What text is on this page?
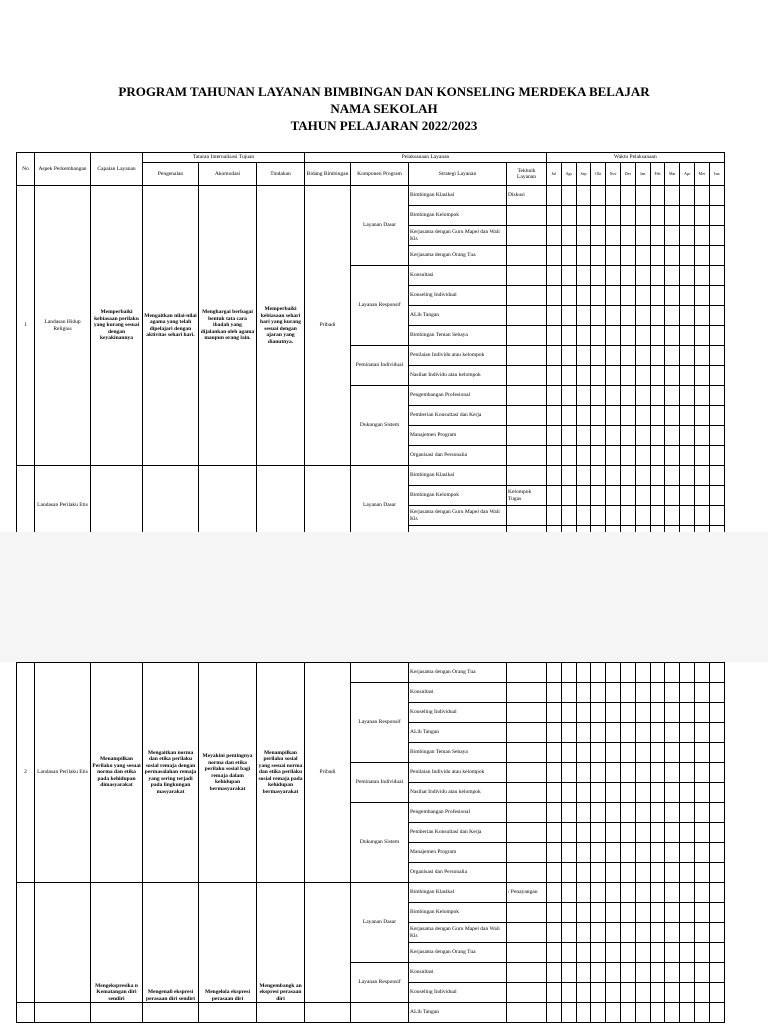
PROGRAM TAHUNAN LAYANAN BIMBINGAN DAN KONSELING MERDEKA BELAJAR
NAMA SEKOLAH
TAHUN PELAJARAN 2022/2023
No	Aspek Perkembangan	Capaian Layanan	Tataran Internalisasi Tujuan			Pelaksanaan Layanan				Waktu Pelaksanaan											
			Pengenalan	Akomodasi	Tindakan	Bidang Bimbingan	Komponen Program	Strategi Layanan	Tekhnik Layanan	Jul	Ags	Sep	Okt	Nov	Des	Jan	Feb	Mar	Apr	Mei	Jun
1	Landasan Hidup Religius	Memperbaiki kebiasaan perilaku yang kurang sesuai dengan keyakinannya	Mengaitkan nilai-nilai agama yang telah dipelajari dengan aktivitas sehari hari.	Menghargai berbagai bentuk tata cara ibadah yang dijalankan oleh agama maupun orang lain.	Memperbaiki kebiasaan sehari hari yang kurang sesuai dengan ajaran yang dianutnya.	Pribadi	Layanan Dasar	Bimbingan Klasikal	Diskusi												
								Bimbingan Kelompok													
								Kerjasama dengan Guru Mapel dan Wali Kls													
								Kerjasama dengan Orang Tua													
							Layanan Responsif	Konsultasi													
								Konseling Individual													
								ALih Tangan													
								Bimbingan Teman Sebaya													
							Peminatan Individual	Penilaian Individu atau kelompok													
								Nasihat Individu atau kelompok													
							Dukungan Sistem	Pengembangan Profesional													
								Pemberian Konsultasi dan Kerja													
								Manajemen Program													
								Organisasi dan Personalia													
	Landasan Perilaku Etis						Layanan Dasar	Bimbingan Klasikal													
								Bimbingan Kelompok	Kelompok Tugas												
								Kerjasama dengan Guru Mapel dan Wali Kls													

2	Landasan Perilaku Etis	Menampilkan Perilaku yang sesuai norma dan etika pada kehidupan dimasyarakat	Mengaitkan norma dan etika perilaku sosial remaja dengan permasalahan remaja yang sering terjadi pada lingkungan masyarakat	Meyakini pentingnya norma dan etika perilaku sosial bagi remaja dalam kehidupan bermasyarakat	Menampilkan perilaku sosial yang sesuai norma dan etika perilaku sosial remaja pada kehidupan bermasyarakat	Pribadi		Kerjasama dengan Orang Tua													
							Layanan Responsif	Konsultasi													
								Konseling Individual													
								ALih Tangan													
								Bimbingan Teman Sebaya													
							Peminatan Individual	Penilaian Individu atau kelompok													
								Nasihat Individu atau kelompok													
							Dukungan Sistem	Pengembangan Profesional													
								Pemberian Konsultasi dan Kerja													
								Manajemen Program													
								Organisasi dan Personalia													
		Mengekspresika n Kematangan diri sendiri	Mengenali ekspresi perasaan diri sendiri	Mengelola ekspresi perasaan diri	Mengembangk an ekspresi perasaan diri		Layanan Dasar	Bimbingan Klasikal	/ Penayangan												
								Bimbingan Kelompok													
								Kerjasama dengan Guru Mapel dan Wali Kls													
								Kerjasama dengan Orang Tua													
							Layanan Responsif	Konsultasi													
								Konseling Individual													
								ALih Tangan													
